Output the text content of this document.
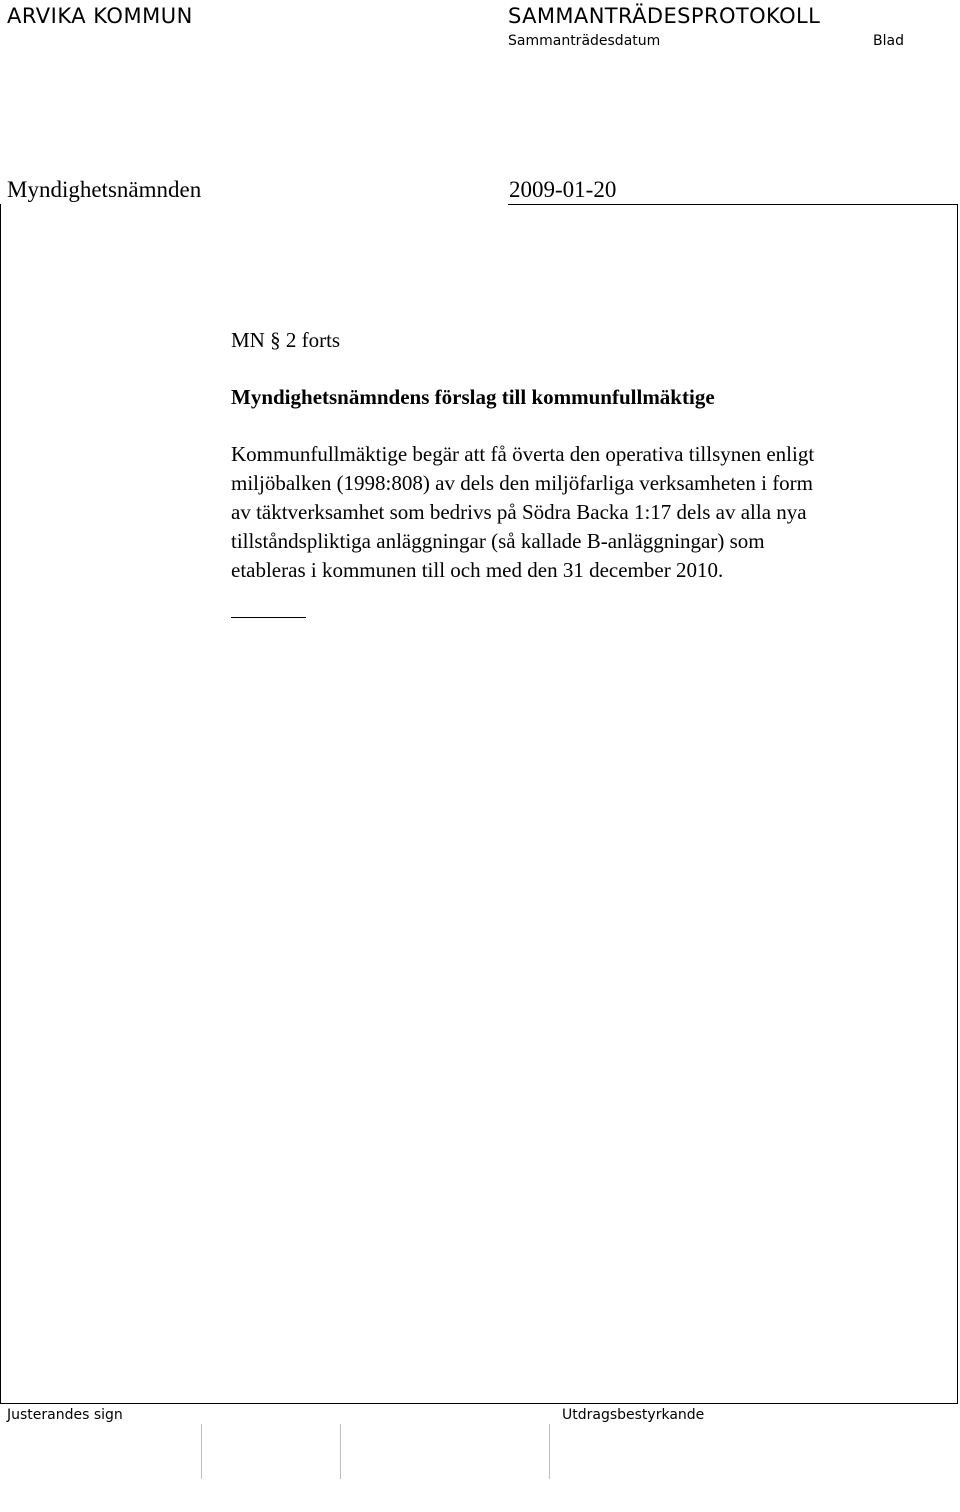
ARVIKA KOMMUN	SAMMANTRÄDESPROTOKOLL
Sammanträdesdatum	Blad
Myndighetsnämnden	2009-01-20

MN § 2 forts

Myndighetsnämndens förslag till kommunfullmäktige

Kommunfullmäktige begär att få överta den operativa tillsynen enligt
miljöbalken (1998:808) av dels den miljöfarliga verksamheten i form
av täktverksamhet som bedrivs på Södra Backa 1:17 dels av alla nya
tillståndspliktiga anläggningar (så kallade B-anläggningar) som
etableras i kommunen till och med den 31 december 2010.

Justerandes sign	Utdragsbestyrkande
